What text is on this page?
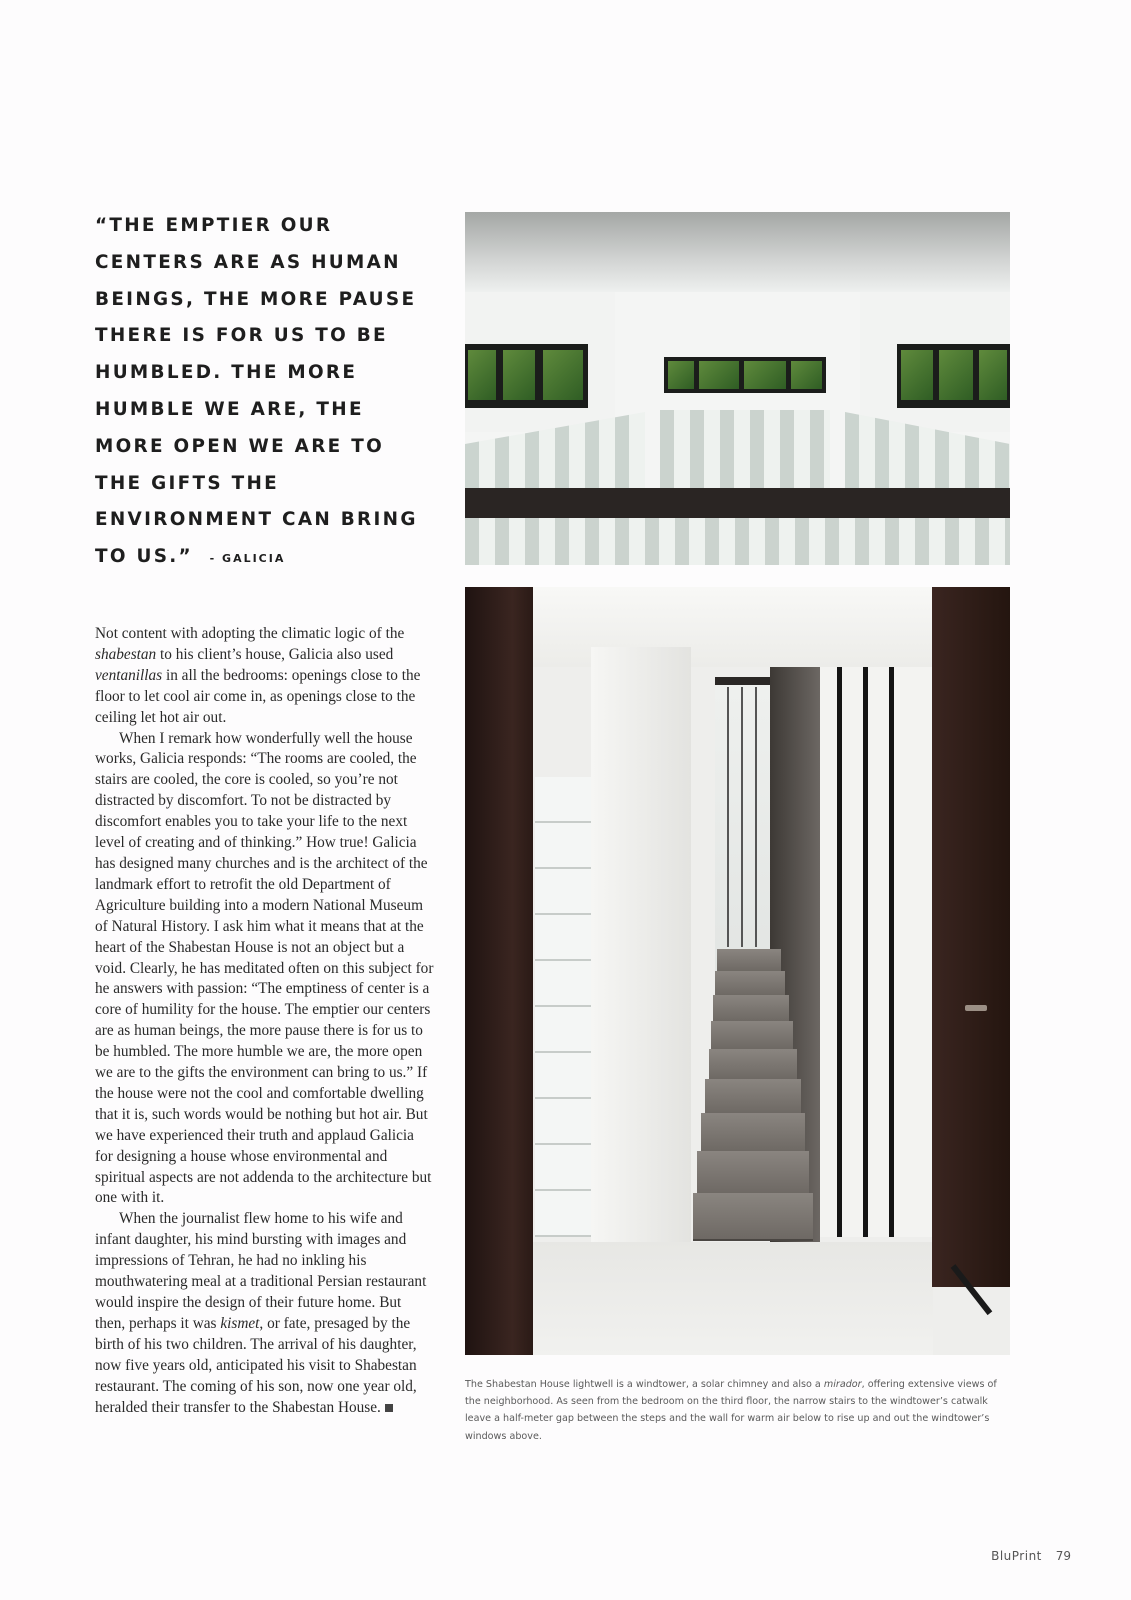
“THE EMPTIER OUR CENTERS ARE AS HUMAN BEINGS, THE MORE PAUSE THERE IS FOR US TO BE HUMBLED. THE MORE HUMBLE WE ARE, THE MORE OPEN WE ARE TO THE GIFTS THE ENVIRONMENT CAN BRING TO US.” - GALICIA

Not content with adopting the climatic logic of the shabestan to his client’s house, Galicia also used ventanillas in all the bedrooms: openings close to the floor to let cool air come in, as openings close to the ceiling let hot air out.

When I remark how wonderfully well the house works, Galicia responds: “The rooms are cooled, the stairs are cooled, the core is cooled, so you’re not distracted by discomfort. To not be distracted by discomfort enables you to take your life to the next level of creating and of thinking.” How true! Galicia has designed many churches and is the architect of the landmark effort to retrofit the old Department of Agriculture building into a modern National Museum of Natural History. I ask him what it means that at the heart of the Shabestan House is not an object but a void. Clearly, he has meditated often on this subject for he answers with passion: “The emptiness of center is a core of humility for the house. The emptier our centers are as human beings, the more pause there is for us to be humbled. The more humble we are, the more open we are to the gifts the environment can bring to us.” If the house were not the cool and comfortable dwelling that it is, such words would be nothing but hot air. But we have experienced their truth and applaud Galicia for designing a house whose environmental and spiritual aspects are not addenda to the architecture but one with it.

When the journalist flew home to his wife and infant daughter, his mind bursting with images and impressions of Tehran, he had no inkling his mouthwatering meal at a traditional Persian restaurant would inspire the design of their future home. But then, perhaps it was kismet, or fate, presaged by the birth of his two children. The arrival of his daughter, now five years old, anticipated his visit to Shabestan restaurant. The coming of his son, now one year old, heralded their transfer to the Shabestan House.

The Shabestan House lightwell is a windtower, a solar chimney and also a mirador, offering extensive views of the neighborhood. As seen from the bedroom on the third floor, the narrow stairs to the windtower’s catwalk leave a half-meter gap between the steps and the wall for warm air below to rise up and out the windtower’s windows above.
BluPrint 79
